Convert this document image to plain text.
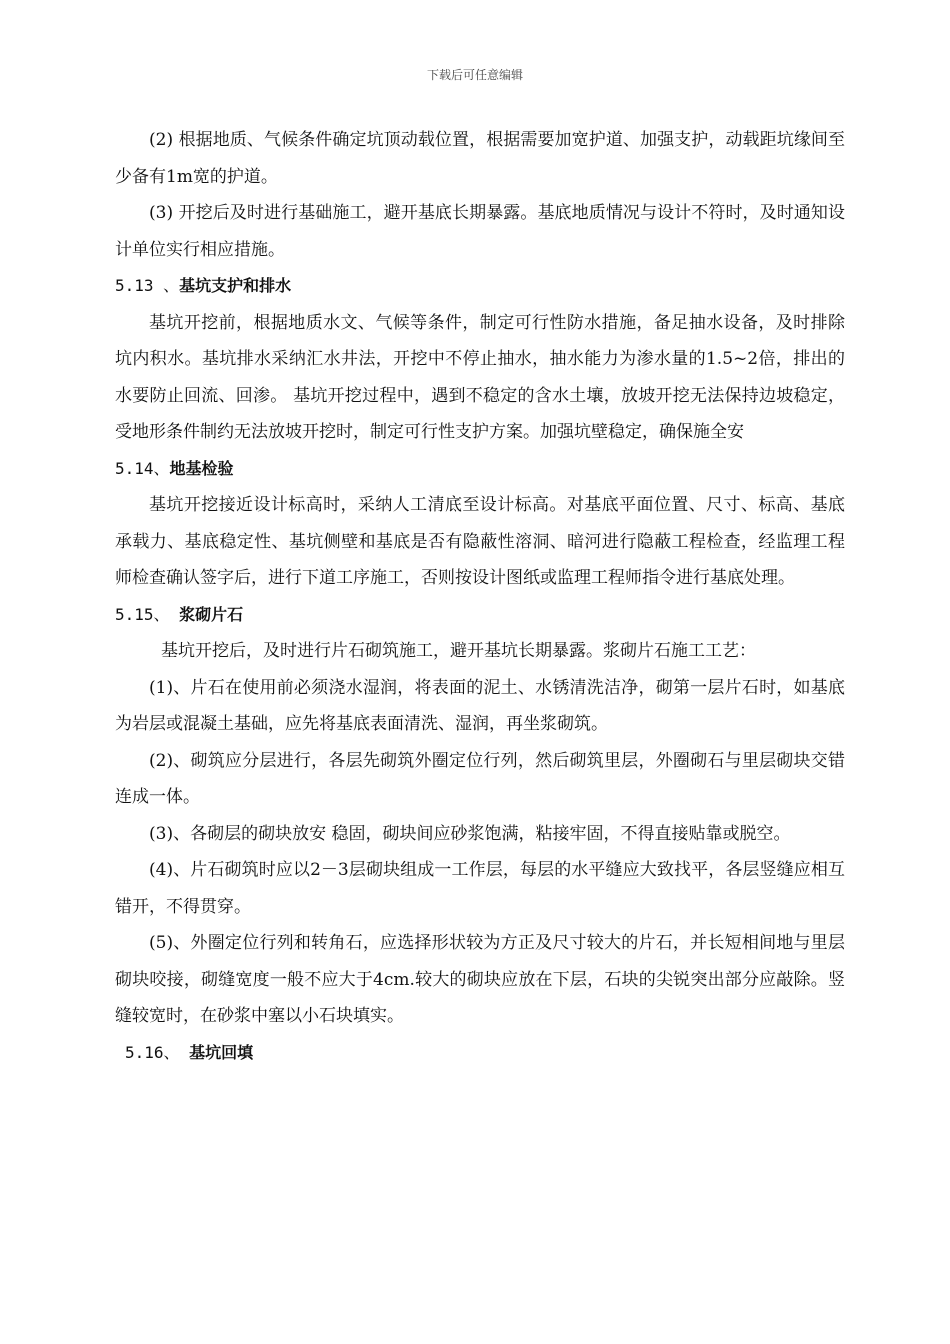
下载后可任意编辑

(2) 根据地质、气候条件确定坑顶动载位置，根据需要加宽护道、加强支护，动载距坑缘间至少备有1m宽的护道。

(3) 开挖后及时进行基础施工，避开基底长期暴露。基底地质情况与设计不符时，及时通知设计单位实行相应措施。

5.13 、基坑支护和排水

基坑开挖前，根据地质水文、气候等条件，制定可行性防水措施，备足抽水设备，及时排除坑内积水。基坑排水采纳汇水井法，开挖中不停止抽水，抽水能力为渗水量的1.5~2倍，排出的水要防止回流、回渗。 基坑开挖过程中，遇到不稳定的含水土壤，放坡开挖无法保持边坡稳定，受地形条件制约无法放坡开挖时，制定可行性支护方案。加强坑壁稳定，确保施全安

5.14、地基检验

基坑开挖接近设计标高时，采纳人工清底至设计标高。对基底平面位置、尺寸、标高、基底承载力、基底稳定性、基坑侧壁和基底是否有隐蔽性溶洞、暗河进行隐蔽工程检查，经监理工程师检查确认签字后，进行下道工序施工，否则按设计图纸或监理工程师指令进行基底处理。

5.15、 浆砌片石

基坑开挖后，及时进行片石砌筑施工，避开基坑长期暴露。浆砌片石施工工艺：

(1)、片石在使用前必须浇水湿润，将表面的泥土、水锈清洗洁净，砌第一层片石时，如基底为岩层或混凝土基础，应先将基底表面清洗、湿润，再坐浆砌筑。

(2)、砌筑应分层进行，各层先砌筑外圈定位行列，然后砌筑里层，外圈砌石与里层砌块交错连成一体。

(3)、各砌层的砌块放安 稳固，砌块间应砂浆饱满，粘接牢固，不得直接贴靠或脱空。

(4)、片石砌筑时应以2－3层砌块组成一工作层，每层的水平缝应大致找平，各层竖缝应相互错开，不得贯穿。

(5)、外圈定位行列和转角石，应选择形状较为方正及尺寸较大的片石，并长短相间地与里层砌块咬接，砌缝宽度一般不应大于4cm.较大的砌块应放在下层，石块的尖锐突出部分应敲除。竖缝较宽时，在砂浆中塞以小石块填实。

5.16、 基坑回填
